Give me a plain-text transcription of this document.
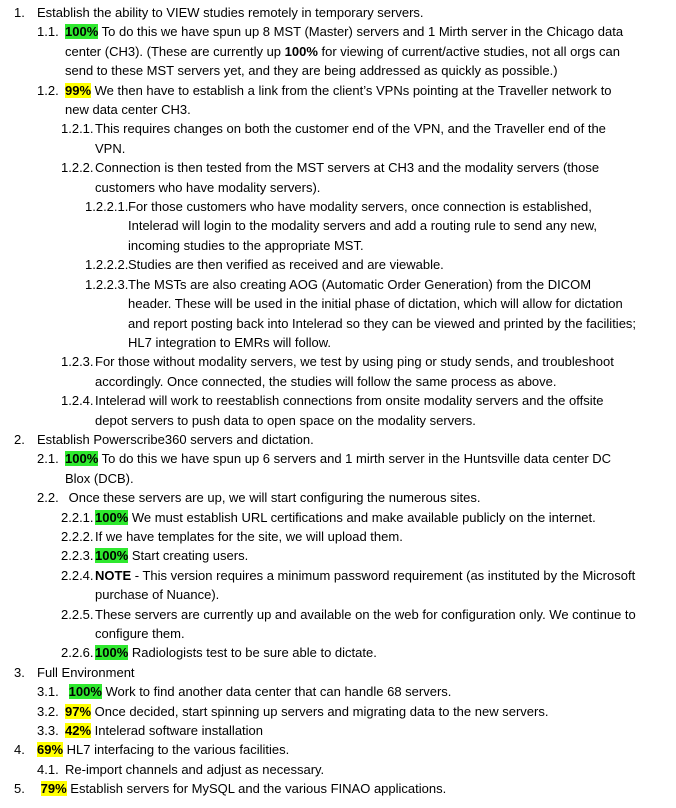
1. Establish the ability to VIEW studies remotely in temporary servers.
1.1. 100% To do this we have spun up 8 MST (Master) servers and 1 Mirth server in the Chicago data center (CH3). (These are currently up 100% for viewing of current/active studies, not all orgs can send to these MST servers yet, and they are being addressed as quickly as possible.)
1.2. 99% We then have to establish a link from the client’s VPNs pointing at the Traveller network to new data center CH3.
1.2.1. This requires changes on both the customer end of the VPN, and the Traveller end of the VPN.
1.2.2. Connection is then tested from the MST servers at CH3 and the modality servers (those customers who have modality servers).
1.2.2.1. For those customers who have modality servers, once connection is established, Intelerad will login to the modality servers and add a routing rule to send any new, incoming studies to the appropriate MST.
1.2.2.2. Studies are then verified as received and are viewable.
1.2.2.3. The MSTs are also creating AOG (Automatic Order Generation) from the DICOM header. These will be used in the initial phase of dictation, which will allow for dictation and report posting back into Intelerad so they can be viewed and printed by the facilities; HL7 integration to EMRs will follow.
1.2.3. For those without modality servers, we test by using ping or study sends, and troubleshoot accordingly. Once connected, the studies will follow the same process as above.
1.2.4. Intelerad will work to reestablish connections from onsite modality servers and the offsite depot servers to push data to open space on the modality servers.
2. Establish Powerscribe360 servers and dictation.
2.1. 100% To do this we have spun up 6 servers and 1 mirth server in the Huntsville data center DC Blox (DCB).
2.2. Once these servers are up, we will start configuring the numerous sites.
2.2.1. 100% We must establish URL certifications and make available publicly on the internet.
2.2.2. If we have templates for the site, we will upload them.
2.2.3. 100% Start creating users.
2.2.4. NOTE - This version requires a minimum password requirement (as instituted by the Microsoft purchase of Nuance).
2.2.5. These servers are currently up and available on the web for configuration only. We continue to configure them.
2.2.6. 100% Radiologists test to be sure able to dictate.
3. Full Environment
3.1. 100% Work to find another data center that can handle 68 servers.
3.2. 97% Once decided, start spinning up servers and migrating data to the new servers.
3.3. 42% Intelerad software installation
4. 69% HL7 interfacing to the various facilities.
4.1. Re-import channels and adjust as necessary.
5.	79% Establish servers for MySQL and the various FINAO applications.
